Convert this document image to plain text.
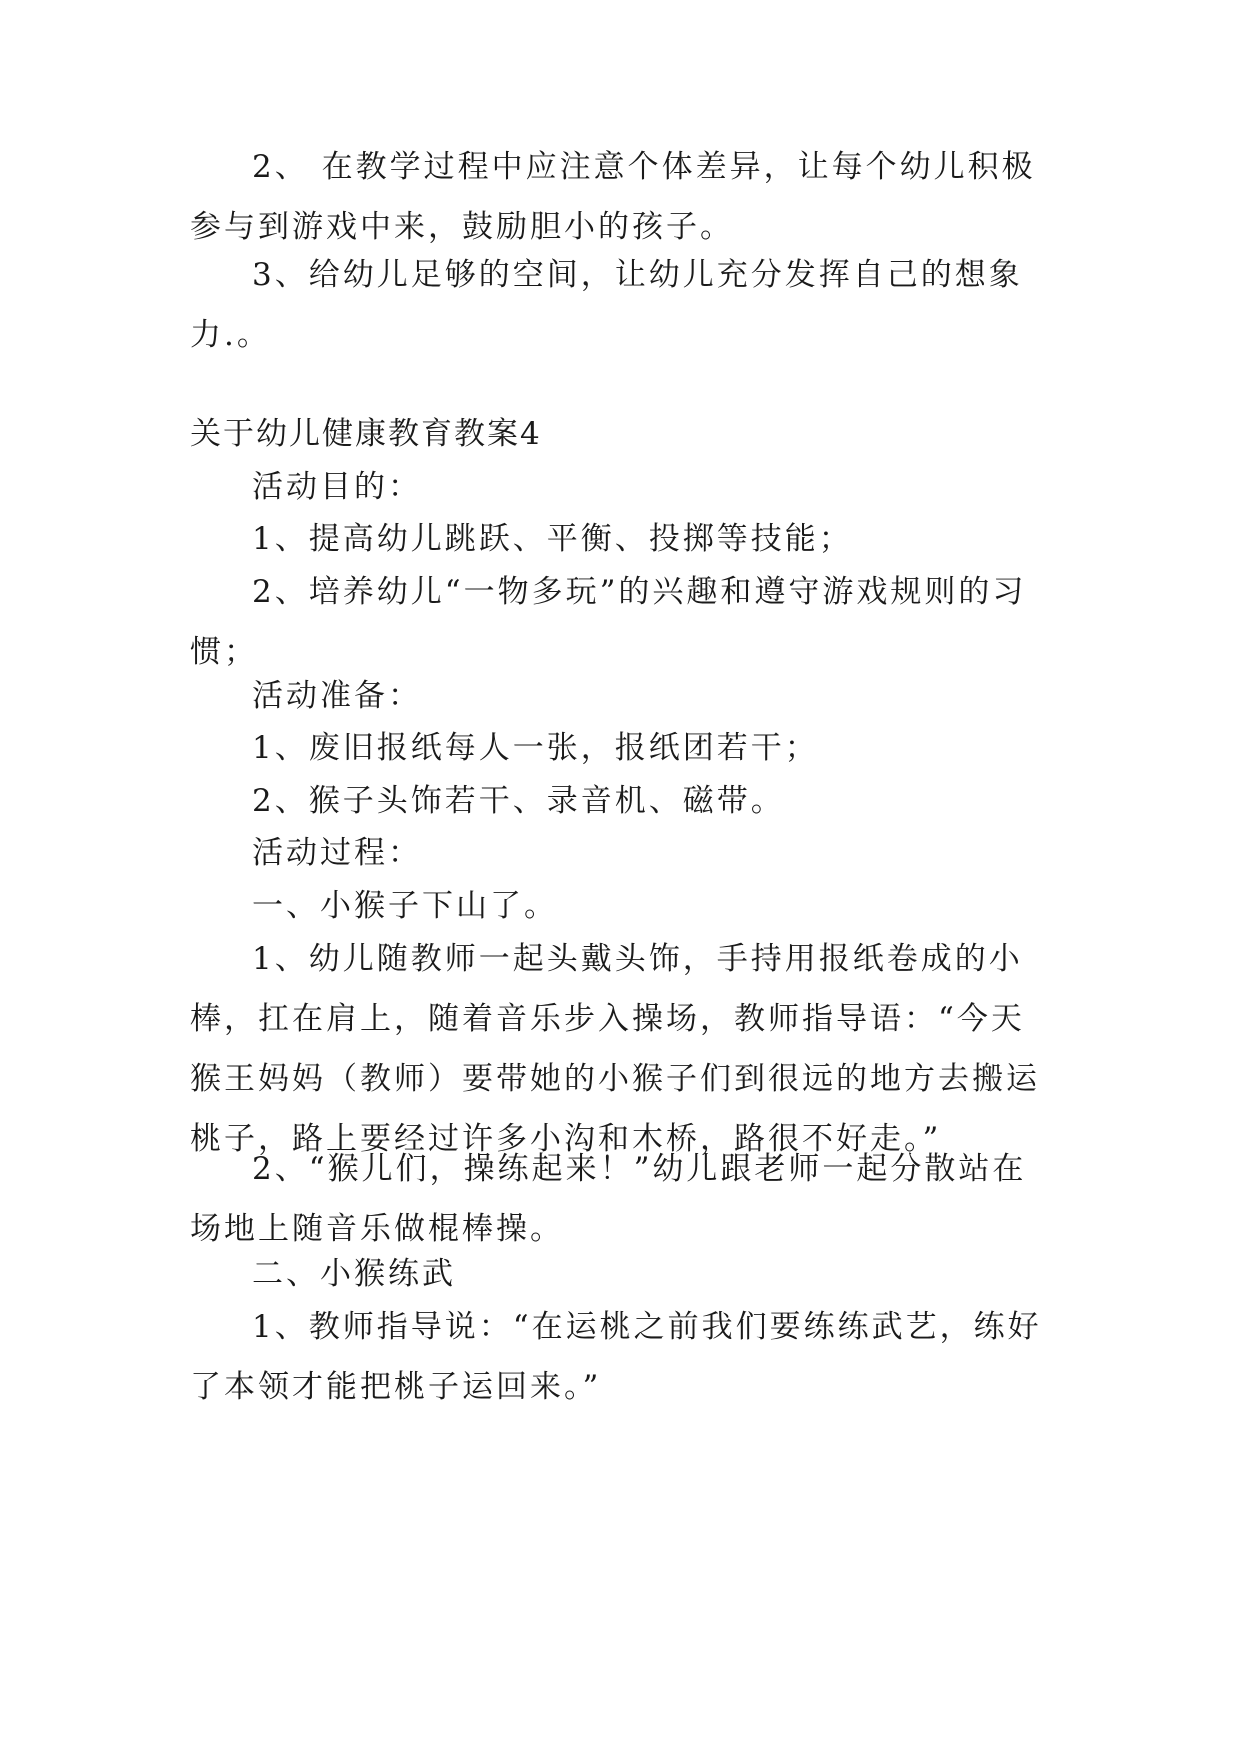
2、 在教学过程中应注意个体差异，让每个幼儿积极参与到游戏中来，鼓励胆小的孩子。

3、给幼儿足够的空间，让幼儿充分发挥自己的想象力.。

关于幼儿健康教育教案4

活动目的：

1、提高幼儿跳跃、平衡、投掷等技能；

2、培养幼儿“一物多玩”的兴趣和遵守游戏规则的习惯；

活动准备：

1、废旧报纸每人一张，报纸团若干；

2、猴子头饰若干、录音机、磁带。

活动过程：

一、小猴子下山了。

1、幼儿随教师一起头戴头饰，手持用报纸卷成的小棒，扛在肩上，随着音乐步入操场，教师指导语：“今天猴王妈妈（教师）要带她的小猴子们到很远的地方去搬运桃子，路上要经过许多小沟和木桥，路很不好走。”

2、“猴儿们，操练起来！”幼儿跟老师一起分散站在场地上随音乐做棍棒操。

二、小猴练武

1、教师指导说：“在运桃之前我们要练练武艺，练好了本领才能把桃子运回来。”
